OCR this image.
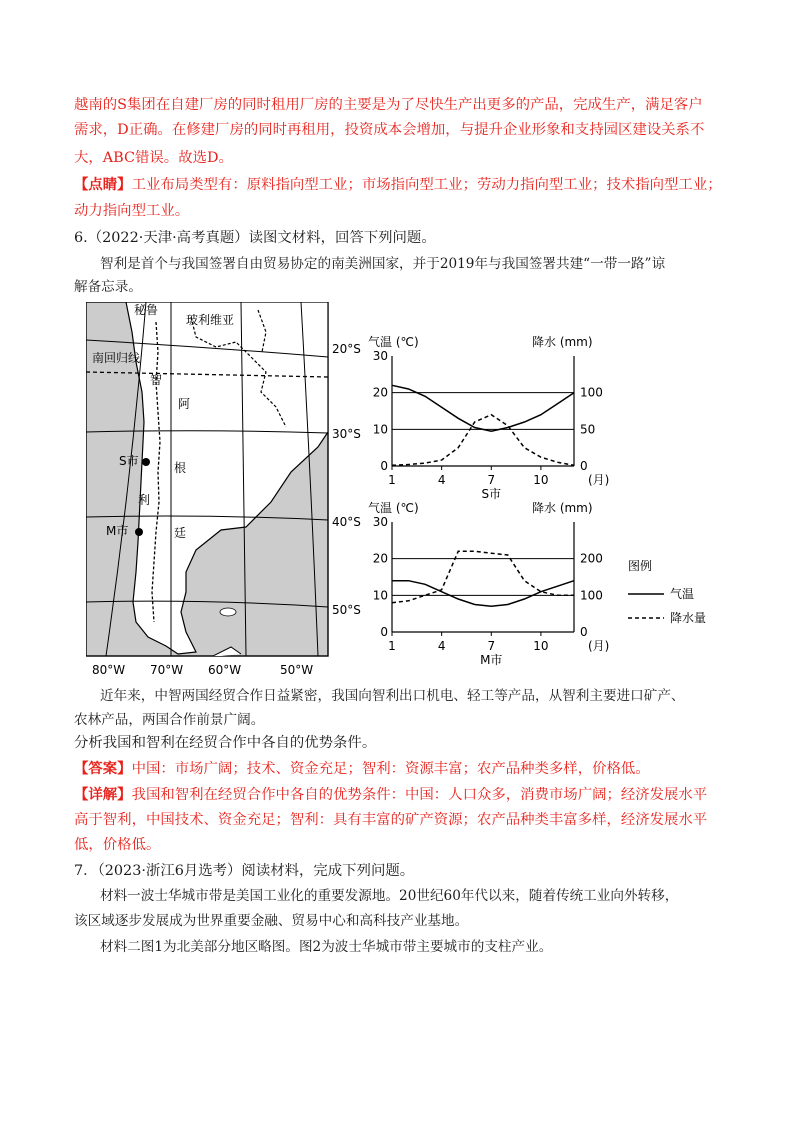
越南的S集团在自建厂房的同时租用厂房的主要是为了尽快生产出更多的产品，完成生产，满足客户
需求，D正确。在修建厂房的同时再租用，投资成本会增加，与提升企业形象和支持园区建设关系不
大，ABC错误。故选D。
【点睛】工业布局类型有：原料指向型工业；市场指向型工业；劳动力指向型工业；技术指向型工业；
动力指向型工业。
6.（2022·天津·高考真题）读图文材料，回答下列问题。
智利是首个与我国签署自由贸易协定的南美洲国家，并于2019年与我国签署共建“一带一路”谅
解备忘录。
秘鲁
玻利维亚
南回归线
智
阿
根
廷
利
S市
M市
20°S
30°S
40°S
50°S
80°W 70°W 60°W	50°W
气温 (℃)	降水 (mm)
0
10
20
30
0
50
100
1	4	7	10	(月)
S市
气温 (℃)	降水 (mm)
0
10
20
30
0
100
200
1	4	7	10	(月)
M市
图例
气温
降水量
近年来，中智两国经贸合作日益紧密，我国向智利出口机电、轻工等产品，从智利主要进口矿产、
农林产品，两国合作前景广阔。
分析我国和智利在经贸合作中各自的优势条件。
【答案】中国：市场广阔；技术、资金充足；智利：资源丰富；农产品种类多样，价格低。
【详解】我国和智利在经贸合作中各自的优势条件：中国：人口众多，消费市场广阔；经济发展水平
高于智利，中国技术、资金充足；智利：具有丰富的矿产资源；农产品种类丰富多样，经济发展水平
低，价格低。
7．（2023·浙江6月选考）阅读材料，完成下列问题。
材料一波士华城市带是美国工业化的重要发源地。20世纪60年代以来，随着传统工业向外转移，
该区域逐步发展成为世界重要金融、贸易中心和高科技产业基地。
材料二图1为北美部分地区略图。图2为波士华城市带主要城市的支柱产业。
